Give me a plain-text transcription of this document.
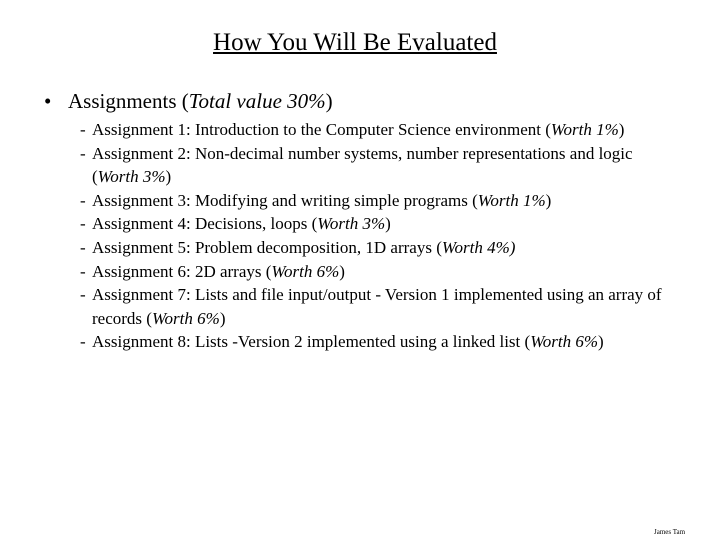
How You Will Be Evaluated
• Assignments (Total value 30%)
- Assignment 1: Introduction to the Computer Science environment (Worth 1%)
- Assignment 2: Non-decimal number systems, number representations and logic (Worth 3%)
- Assignment 3: Modifying and writing simple programs (Worth 1%)
- Assignment 4: Decisions, loops (Worth 3%)
- Assignment 5: Problem decomposition, 1D arrays (Worth 4%)
- Assignment 6: 2D arrays (Worth 6%)
- Assignment 7: Lists and file input/output - Version 1 implemented using an array of records (Worth 6%)
- Assignment 8: Lists -Version 2 implemented using a linked list (Worth 6%)
James Tam
